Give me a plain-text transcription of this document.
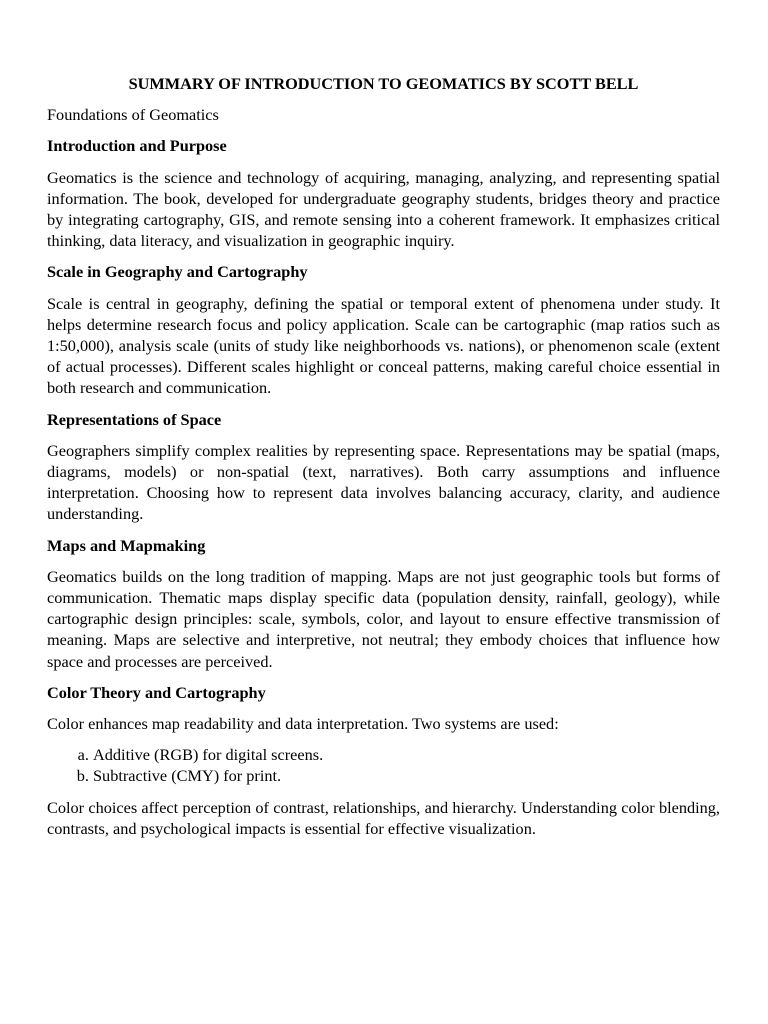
SUMMARY OF INTRODUCTION TO GEOMATICS BY SCOTT BELL
Foundations of Geomatics
Introduction and Purpose

Geomatics is the science and technology of acquiring, managing, analyzing, and representing spatial information. The book, developed for undergraduate geography students, bridges theory and practice by integrating cartography, GIS, and remote sensing into a coherent framework. It emphasizes critical thinking, data literacy, and visualization in geographic inquiry.

Scale in Geography and Cartography

Scale is central in geography, defining the spatial or temporal extent of phenomena under study. It helps determine research focus and policy application. Scale can be cartographic (map ratios such as 1:50,000), analysis scale (units of study like neighborhoods vs. nations), or phenomenon scale (extent of actual processes). Different scales highlight or conceal patterns, making careful choice essential in both research and communication.

Representations of Space

Geographers simplify complex realities by representing space. Representations may be spatial (maps, diagrams, models) or non-spatial (text, narratives). Both carry assumptions and influence interpretation. Choosing how to represent data involves balancing accuracy, clarity, and audience understanding.

Maps and Mapmaking

Geomatics builds on the long tradition of mapping. Maps are not just geographic tools but forms of communication. Thematic maps display specific data (population density, rainfall, geology), while cartographic design principles: scale, symbols, color, and layout to ensure effective transmission of meaning. Maps are selective and interpretive, not neutral; they embody choices that influence how space and processes are perceived.

Color Theory and Cartography

Color enhances map readability and data interpretation. Two systems are used:

a. Additive (RGB) for digital screens.
b. Subtractive (CMY) for print.

Color choices affect perception of contrast, relationships, and hierarchy. Understanding color blending, contrasts, and psychological impacts is essential for effective visualization.
